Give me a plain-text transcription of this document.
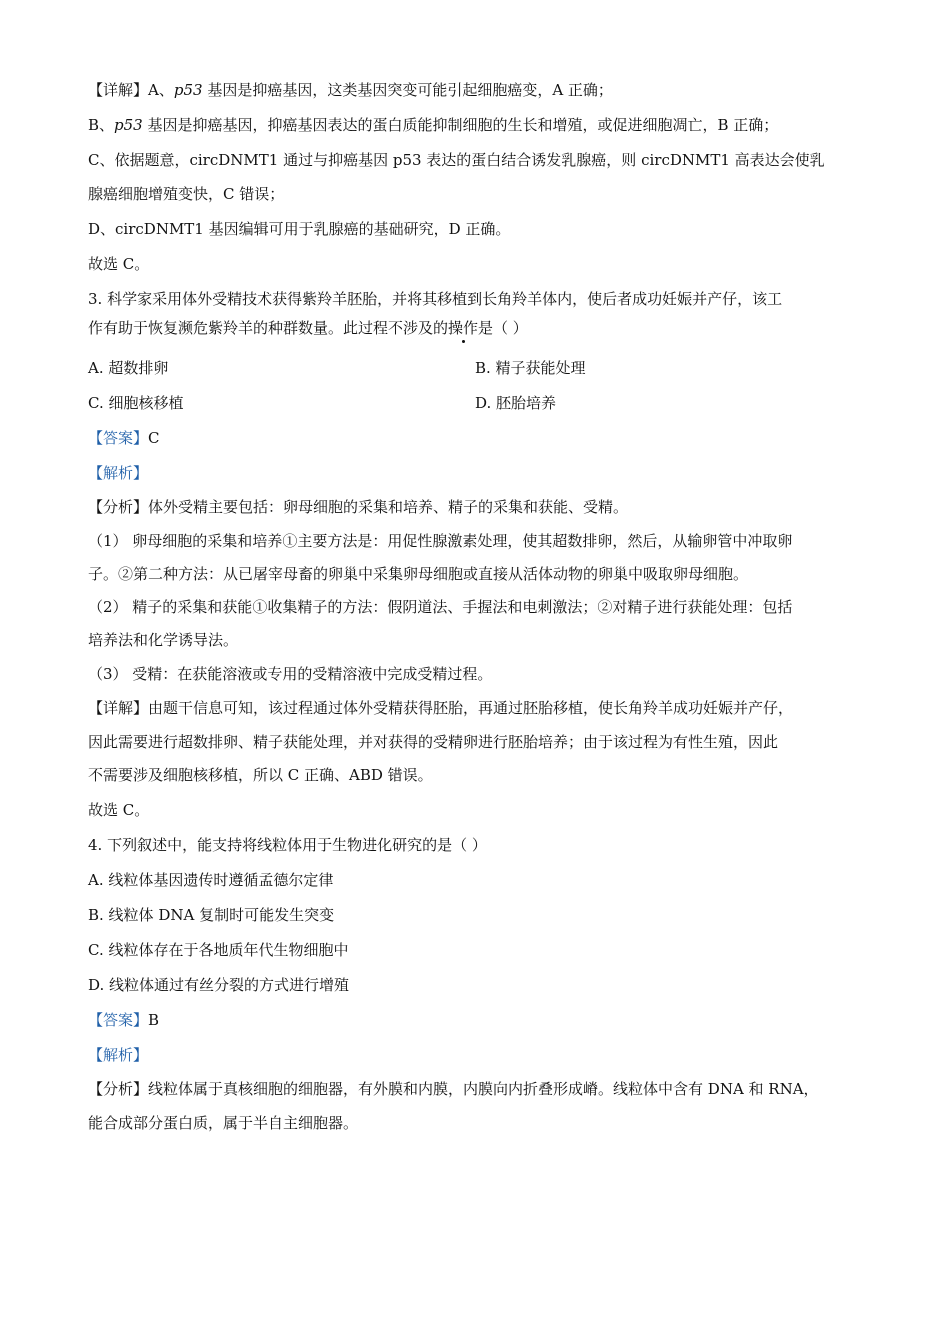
【详解】A、p53 基因是抑癌基因，这类基因突变可能引起细胞癌变，A 正确；
B、p53 基因是抑癌基因，抑癌基因表达的蛋白质能抑制细胞的生长和增殖，或促进细胞凋亡，B 正确；
C、依据题意，circDNMT1 通过与抑癌基因 p53 表达的蛋白结合诱发乳腺癌，则 circDNMT1 高表达会使乳
腺癌细胞增殖变快，C 错误；
D、circDNMT1 基因编辑可用于乳腺癌的基础研究，D 正确。
故选 C。
3. 科学家采用体外受精技术获得紫羚羊胚胎，并将其移植到长角羚羊体内，使后者成功妊娠并产仔，该工
作有助于恢复濒危紫羚羊的种群数量。此过程不涉及的操作是（ ）
A. 超数排卵	B. 精子获能处理
C. 细胞核移植	D. 胚胎培养
【答案】C
【解析】
【分析】体外受精主要包括：卵母细胞的采集和培养、精子的采集和获能、受精。
（1） 卵母细胞的采集和培养①主要方法是：用促性腺激素处理，使其超数排卵，然后，从输卵管中冲取卵
子。②第二种方法：从已屠宰母畜的卵巢中采集卵母细胞或直接从活体动物的卵巢中吸取卵母细胞。
（2） 精子的采集和获能①收集精子的方法：假阴道法、手握法和电刺激法；②对精子进行获能处理：包括
培养法和化学诱导法。
（3） 受精：在获能溶液或专用的受精溶液中完成受精过程。
【详解】由题干信息可知，该过程通过体外受精获得胚胎，再通过胚胎移植，使长角羚羊成功妊娠并产仔，
因此需要进行超数排卵、精子获能处理，并对获得的受精卵进行胚胎培养；由于该过程为有性生殖，因此
不需要涉及细胞核移植，所以 C 正确、ABD 错误。
故选 C。
4. 下列叙述中，能支持将线粒体用于生物进化研究的是（ ）
A. 线粒体基因遗传时遵循孟德尔定律
B. 线粒体 DNA 复制时可能发生突变
C. 线粒体存在于各地质年代生物细胞中
D. 线粒体通过有丝分裂的方式进行增殖
【答案】B
【解析】
【分析】线粒体属于真核细胞的细胞器，有外膜和内膜，内膜向内折叠形成嵴。线粒体中含有 DNA 和 RNA，
能合成部分蛋白质，属于半自主细胞器。
